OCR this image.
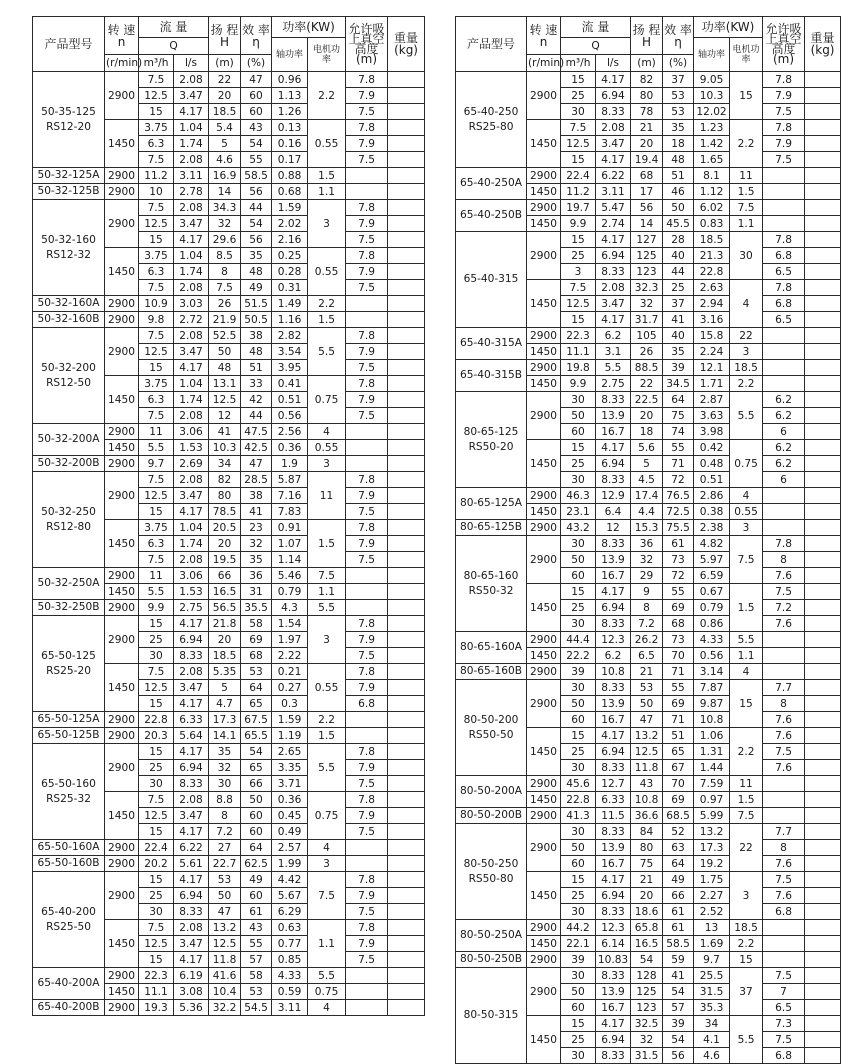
产品型号	转 速
n	流 量		扬 程
H	效 率
η	功率(KW)		允许吸上真空高度(m)	重量
(kg)
		Q				轴功率	电机功率		
	(r/min)	m³/h	l/s	(m)	(%)				
50-35-125
RS12-20	2900	7.5	2.08	22	47	0.96	2.2	7.8	
		12.5	3.47	20	60	1.13		7.9	
		15	4.17	18.5	60	1.26		7.5	
	1450	3.75	1.04	5.4	43	0.13	0.55	7.8	
		6.3	1.74	5	54	0.16		7.9	
		7.5	2.08	4.6	55	0.17		7.5	
50-32-125A	2900	11.2	3.11	16.9	58.5	0.88	1.5		
50-32-125B	2900	10	2.78	14	56	0.68	1.1		
50-32-160
RS12-32	2900	7.5	2.08	34.3	44	1.59	3	7.8	
		12.5	3.47	32	54	2.02		7.9	
		15	4.17	29.6	56	2.16		7.5	
	1450	3.75	1.04	8.5	35	0.25	0.55	7.8	
		6.3	1.74	8	48	0.28		7.9	
		7.5	2.08	7.5	49	0.31		7.5	
50-32-160A	2900	10.9	3.03	26	51.5	1.49	2.2		
50-32-160B	2900	9.8	2.72	21.9	50.5	1.16	1.5		
50-32-200
RS12-50	2900	7.5	2.08	52.5	38	2.82	5.5	7.8	
		12.5	3.47	50	48	3.54		7.9	
		15	4.17	48	51	3.95		7.5	
	1450	3.75	1.04	13.1	33	0.41	0.75	7.8	
		6.3	1.74	12.5	42	0.51		7.9	
		7.5	2.08	12	44	0.56		7.5	
50-32-200A	2900	11	3.06	41	47.5	2.56	4		
	1450	5.5	1.53	10.3	42.5	0.36	0.55		
50-32-200B	2900	9.7	2.69	34	47	1.9	3		
50-32-250
RS12-80	2900	7.5	2.08	82	28.5	5.87	11	7.8	
		12.5	3.47	80	38	7.16		7.9	
		15	4.17	78.5	41	7.83		7.5	
	1450	3.75	1.04	20.5	23	0.91	1.5	7.8	
		6.3	1.74	20	32	1.07		7.9	
		7.5	2.08	19.5	35	1.14		7.5	
50-32-250A	2900	11	3.06	66	36	5.46	7.5		
	1450	5.5	1.53	16.5	31	0.79	1.1		
50-32-250B	2900	9.9	2.75	56.5	35.5	4.3	5.5		
65-50-125
RS25-20	2900	15	4.17	21.8	58	1.54	3	7.8	
		25	6.94	20	69	1.97		7.9	
		30	8.33	18.5	68	2.22		7.5	
	1450	7.5	2.08	5.35	53	0.21	0.55	7.8	
		12.5	3.47	5	64	0.27		7.9	
		15	4.17	4.7	65	0.3		6.8	
65-50-125A	2900	22.8	6.33	17.3	67.5	1.59	2.2		
65-50-125B	2900	20.3	5.64	14.1	65.5	1.19	1.5		
65-50-160
RS25-32	2900	15	4.17	35	54	2.65	5.5	7.8	
		25	6.94	32	65	3.35		7.9	
		30	8.33	30	66	3.71		7.5	
	1450	7.5	2.08	8.8	50	0.36	0.75	7.8	
		12.5	3.47	8	60	0.45		7.9	
		15	4.17	7.2	60	0.49		7.5	
65-50-160A	2900	22.4	6.22	27	64	2.57	4		
65-50-160B	2900	20.2	5.61	22.7	62.5	1.99	3		
65-40-200
RS25-50	2900	15	4.17	53	49	4.42	7.5	7.8	
		25	6.94	50	60	5.67		7.9	
		30	8.33	47	61	6.29		7.5	
	1450	7.5	2.08	13.2	43	0.63	1.1	7.8	
		12.5	3.47	12.5	55	0.77		7.9	
		15	4.17	11.8	57	0.85		7.5	
65-40-200A	2900	22.3	6.19	41.6	58	4.33	5.5		
	1450	11.1	3.08	10.4	53	0.59	0.75		
65-40-200B	2900	19.3	5.36	32.2	54.5	3.11	4		
产品型号	转 速
n	流 量		扬 程
H	效 率
η	功率(KW)		允许吸上真空高度(m)	重量
(kg)
		Q				轴功率	电机功率		
	(r/min)	m³/h	l/s	(m)	(%)				
65-40-250
RS25-80	2900	15	4.17	82	37	9.05	15	7.8	
		25	6.94	80	53	10.3		7.9	
		30	8.33	78	53	12.02		7.5	
	1450	7.5	2.08	21	35	1.23	2.2	7.8	
		12.5	3.47	20	18	1.42		7.9	
		15	4.17	19.4	48	1.65		7.5	
65-40-250A	2900	22.4	6.22	68	51	8.1	11		
	1450	11.2	3.11	17	46	1.12	1.5		
65-40-250B	2900	19.7	5.47	56	50	6.02	7.5		
	1450	9.9	2.74	14	45.5	0.83	1.1		
65-40-315	2900	15	4.17	127	28	18.5	30	7.8	
		25	6.94	125	40	21.3		6.8	
		3	8.33	123	44	22.8		6.5	
	1450	7.5	2.08	32.3	25	2.63	4	7.8	
		12.5	3.47	32	37	2.94		6.8	
		15	4.17	31.7	41	3.16		6.5	
65-40-315A	2900	22.3	6.2	105	40	15.8	22		
	1450	11.1	3.1	26	35	2.24	3		
65-40-315B	2900	19.8	5.5	88.5	39	12.1	18.5		
	1450	9.9	2.75	22	34.5	1.71	2.2		
80-65-125
RS50-20	2900	30	8.33	22.5	64	2.87	5.5	6.2	
		50	13.9	20	75	3.63		6.2	
		60	16.7	18	74	3.98		6	
	1450	15	4.17	5.6	55	0.42	0.75	6.2	
		25	6.94	5	71	0.48		6.2	
		30	8.33	4.5	72	0.51		6	
80-65-125A	2900	46.3	12.9	17.4	76.5	2.86	4		
	1450	23.1	6.4	4.4	72.5	0.38	0.55		
80-65-125B	2900	43.2	12	15.3	75.5	2.38	3		
80-65-160
RS50-32	2900	30	8.33	36	61	4.82	7.5	7.8	
		50	13.9	32	73	5.97		8	
		60	16.7	29	72	6.59		7.6	
	1450	15	4.17	9	55	0.67	1.5	7.5	
		25	6.94	8	69	0.79		7.2	
		30	8.33	7.2	68	0.86		7.6	
80-65-160A	2900	44.4	12.3	26.2	73	4.33	5.5		
	1450	22.2	6.2	6.5	70	0.56	1.1		
80-65-160B	2900	39	10.8	21	71	3.14	4		
80-50-200
RS50-50	2900	30	8.33	53	55	7.87	15	7.7	
		50	13.9	50	69	9.87		8	
		60	16.7	47	71	10.8		7.6	
	1450	15	4.17	13.2	51	1.06	2.2	7.6	
		25	6.94	12.5	65	1.31		7.5	
		30	8.33	11.8	67	1.44		7.6	
80-50-200A	2900	45.6	12.7	43	70	7.59	11		
	1450	22.8	6.33	10.8	69	0.97	1.5		
80-50-200B	2900	41.3	11.5	36.6	68.5	5.99	7.5		
80-50-250
RS50-80	2900	30	8.33	84	52	13.2	22	7.7	
		50	13.9	80	63	17.3		8	
		60	16.7	75	64	19.2		7.6	
	1450	15	4.17	21	49	1.75	3	7.5	
		25	6.94	20	66	2.27		7.6	
		30	8.33	18.6	61	2.52		6.8	
80-50-250A	2900	44.2	12.3	65.8	61	13	18.5		
	1450	22.1	6.14	16.5	58.5	1.69	2.2		
80-50-250B	2900	39	10.83	54	59	9.7	15		
80-50-315	2900	30	8.33	128	41	25.5	37	7.5	
		50	13.9	125	54	31.5		7	
		60	16.7	123	57	35.3		6.5	
	1450	15	4.17	32.5	39	34	5.5	7.3	
		25	6.94	32	54	4.1		7.5	
		30	8.33	31.5	56	4.6		6.8	
